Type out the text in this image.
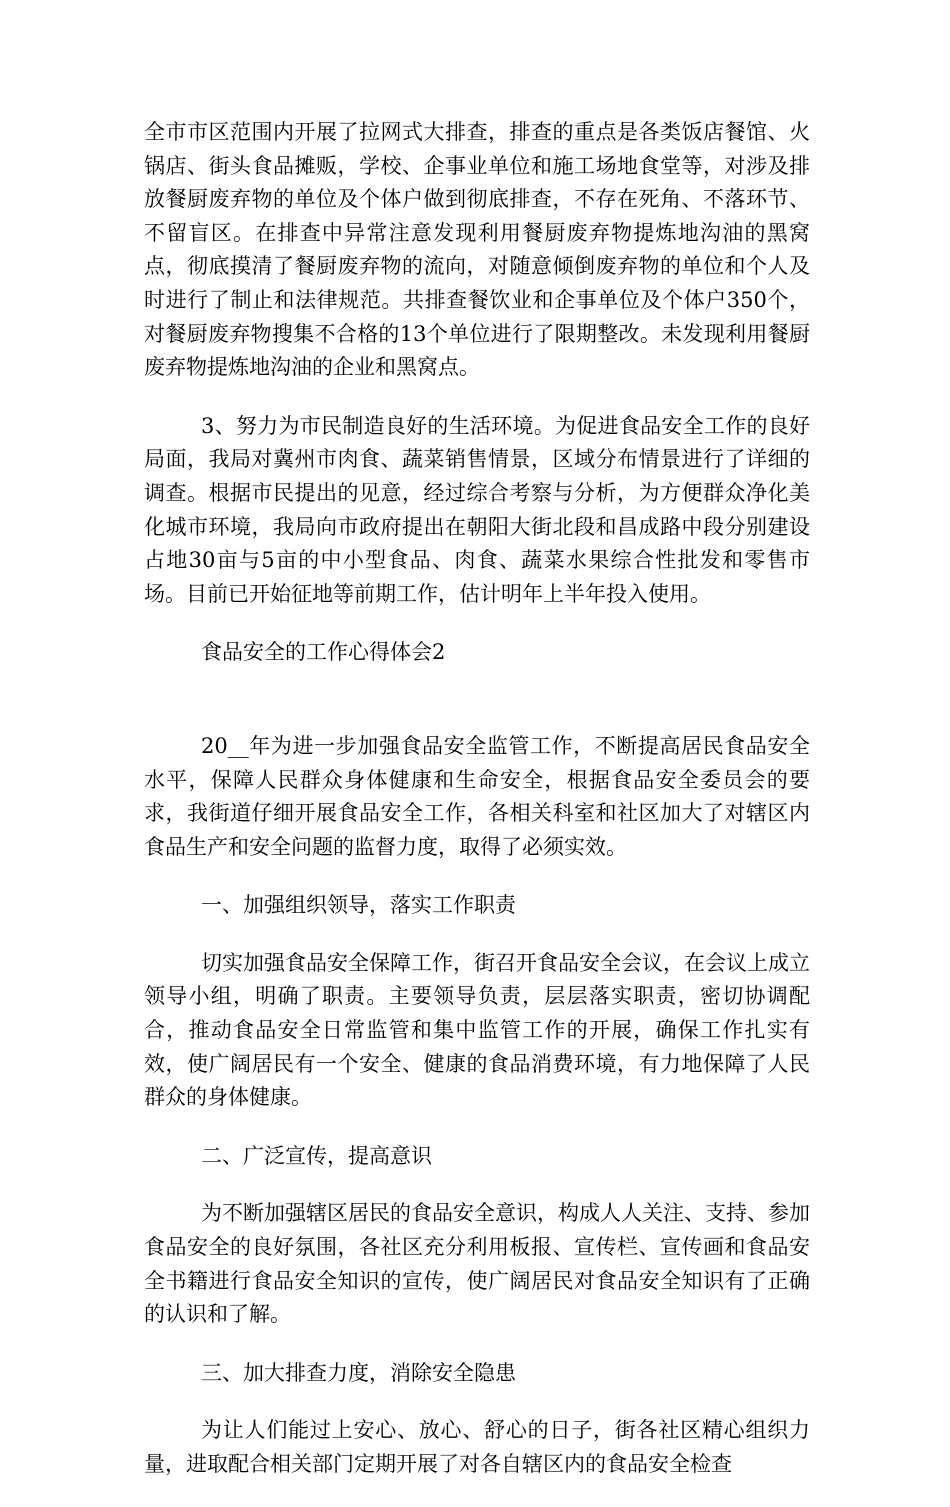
全市市区范围内开展了拉网式大排查，排查的重点是各类饭店餐馆、火锅店、街头食品摊贩，学校、企事业单位和施工场地食堂等，对涉及排放餐厨废弃物的单位及个体户做到彻底排查，不存在死角、不落环节、不留盲区。在排查中异常注意发现利用餐厨废弃物提炼地沟油的黑窝点，彻底摸清了餐厨废弃物的流向，对随意倾倒废弃物的单位和个人及时进行了制止和法律规范。共排查餐饮业和企事单位及个体户350个，对餐厨废弃物搜集不合格的13个单位进行了限期整改。未发现利用餐厨废弃物提炼地沟油的企业和黑窝点。

3、努力为市民制造良好的生活环境。为促进食品安全工作的良好局面，我局对冀州市肉食、蔬菜销售情景，区域分布情景进行了详细的调查。根据市民提出的见意，经过综合考察与分析，为方便群众净化美化城市环境，我局向市政府提出在朝阳大街北段和昌成路中段分别建设占地30亩与5亩的中小型食品、肉食、蔬菜水果综合性批发和零售市场。目前已开始征地等前期工作，估计明年上半年投入使用。

食品安全的工作心得体会2

20__年为进一步加强食品安全监管工作，不断提高居民食品安全水平，保障人民群众身体健康和生命安全，根据食品安全委员会的要求，我街道仔细开展食品安全工作，各相关科室和社区加大了对辖区内食品生产和安全问题的监督力度，取得了必须实效。

一、加强组织领导，落实工作职责

切实加强食品安全保障工作，街召开食品安全会议，在会议上成立领导小组，明确了职责。主要领导负责，层层落实职责，密切协调配合，推动食品安全日常监管和集中监管工作的开展，确保工作扎实有效，使广阔居民有一个安全、健康的食品消费环境，有力地保障了人民群众的身体健康。

二、广泛宣传，提高意识

为不断加强辖区居民的食品安全意识，构成人人关注、支持、参加食品安全的良好氛围，各社区充分利用板报、宣传栏、宣传画和食品安全书籍进行食品安全知识的宣传，使广阔居民对食品安全知识有了正确的认识和了解。

三、加大排查力度，消除安全隐患

为让人们能过上安心、放心、舒心的日子，街各社区精心组织力量，进取配合相关部门定期开展了对各自辖区内的食品安全检查
